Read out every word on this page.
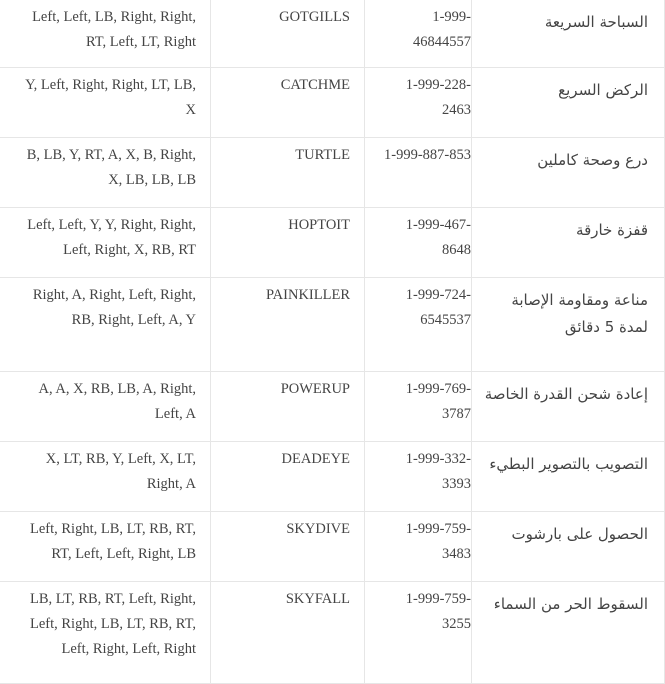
السباحة السريعة	1-999-46844557	GOTGILLS	Left, Left, LB, Right, Right, RT, Left, LT, Right
الركض السريع	1-999-228-2463	CATCHME	Y, Left, Right, Right, LT, LB, X
درع وصحة كاملين	1-999-887-853	TURTLE	B, LB, Y, RT, A, X, B, Right, X, LB, LB, LB
قفزة خارقة	1-999-467-8648	HOPTOIT	Left, Left, Y, Y, Right, Right, Left, Right, X, RB, RT
مناعة ومقاومة الإصابة لمدة 5 دقائق	1-999-724-6545537	PAINKILLER	Right, A, Right, Left, Right, RB, Right, Left, A, Y
إعادة شحن القدرة الخاصة	1-999-769-3787	POWERUP	A, A, X, RB, LB, A, Right, Left, A
التصويب بالتصوير البطيء	1-999-332-3393	DEADEYE	X, LT, RB, Y, Left, X, LT, Right, A
الحصول على بارشوت	1-999-759-3483	SKYDIVE	Left, Right, LB, LT, RB, RT, RT, Left, Left, Right, LB
السقوط الحر من السماء	1-999-759-3255	SKYFALL	LB, LT, RB, RT, Left, Right, Left, Right, LB, LT, RB, RT, Left, Right, Left, Right
